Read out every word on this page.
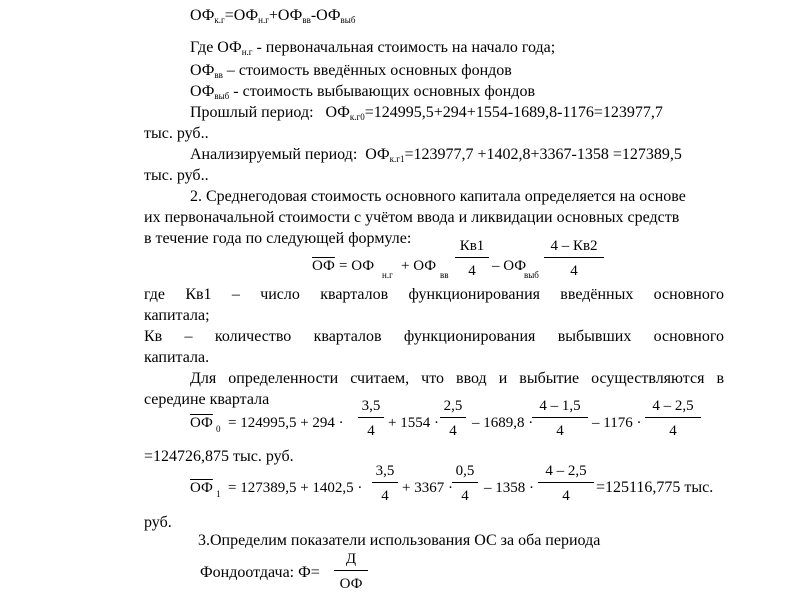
$ОФ_{к.г}=ОФ_{н.г}+ОФ_{вв}-ОФ_{выб}$
Где $ОФ_{н.г}$ - первоначальная стоимость на начало года;
$ОФ_{вв}$ – стоимость введённых основных фондов
$ОФ_{выб}$ - стоимость выбывающих основных фондов
Прошлый период: $ОФ_{к.г0}=124995,5+294+1554-1689,8-1176=123977,7$
тыс. руб..
Анализируемый период: $ОФ_{к.г1}=123977,7 +1402,8+3367-1358 =127389,5$
тыс. руб..
2. Среднегодовая стоимость основного капитала определяется на основе
их первоначальной стоимости с учётом ввода и ликвидации основных средств
в течение года по следующей формуле:
ОФ = ОФ
н.г
+ ОФ
вв
Кв1
4	– ОФ
выб
4 – Кв2
4
где Кв1 – число кварталов функционирования введённых основного
капитала;
Кв – количество кварталов функционирования выбывших основного
капитала.
Для определенности считаем, что ввод и выбытие осуществляются в
середине квартала
ОФ 0 = 124995,5 + 294 ·
3,5
4 + 1554 ·
2,5
4	– 1689,8 ·
4 – 1,5
4	– 1176 ·
4 – 2,5
4
=124726,875 тыс. руб.
ОФ 1 = 127389,5 + 1402,5 ·
3,5
4 + 3367 ·
0,5
4	– 1358 ·
4 – 2,5
4	=125116,775 тыс.
руб.
3.Определим показатели использования ОС за оба периода
Фондоотдача: Ф=
Д
ОФ
